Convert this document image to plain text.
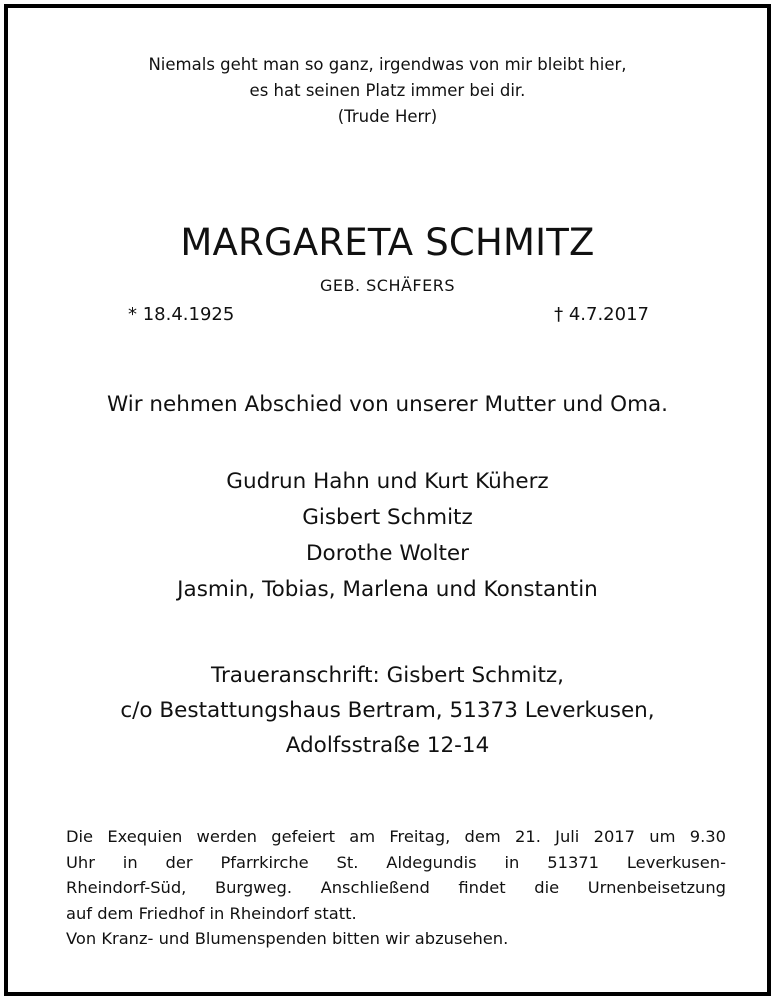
Niemals geht man so ganz, irgendwas von mir bleibt hier,
es hat seinen Platz immer bei dir.
(Trude Herr)
MARGARETA SCHMITZ
GEB. SCHÄFERS
* 18.4.1925	† 4.7.2017
Wir nehmen Abschied von unserer Mutter und Oma.
Gudrun Hahn und Kurt Küherz
Gisbert Schmitz
Dorothe Wolter
Jasmin, Tobias, Marlena und Konstantin
Traueranschrift: Gisbert Schmitz,
c/o Bestattungshaus Bertram, 51373 Leverkusen,
Adolfsstraße 12-14
Die Exequien werden gefeiert am Freitag, dem 21. Juli 2017 um 9.30
Uhr in der Pfarrkirche St. Aldegundis in 51371 Leverkusen-
Rheindorf-Süd, Burgweg. Anschließend findet die Urnenbeisetzung
auf dem Friedhof in Rheindorf statt.
Von Kranz- und Blumenspenden bitten wir abzusehen.
